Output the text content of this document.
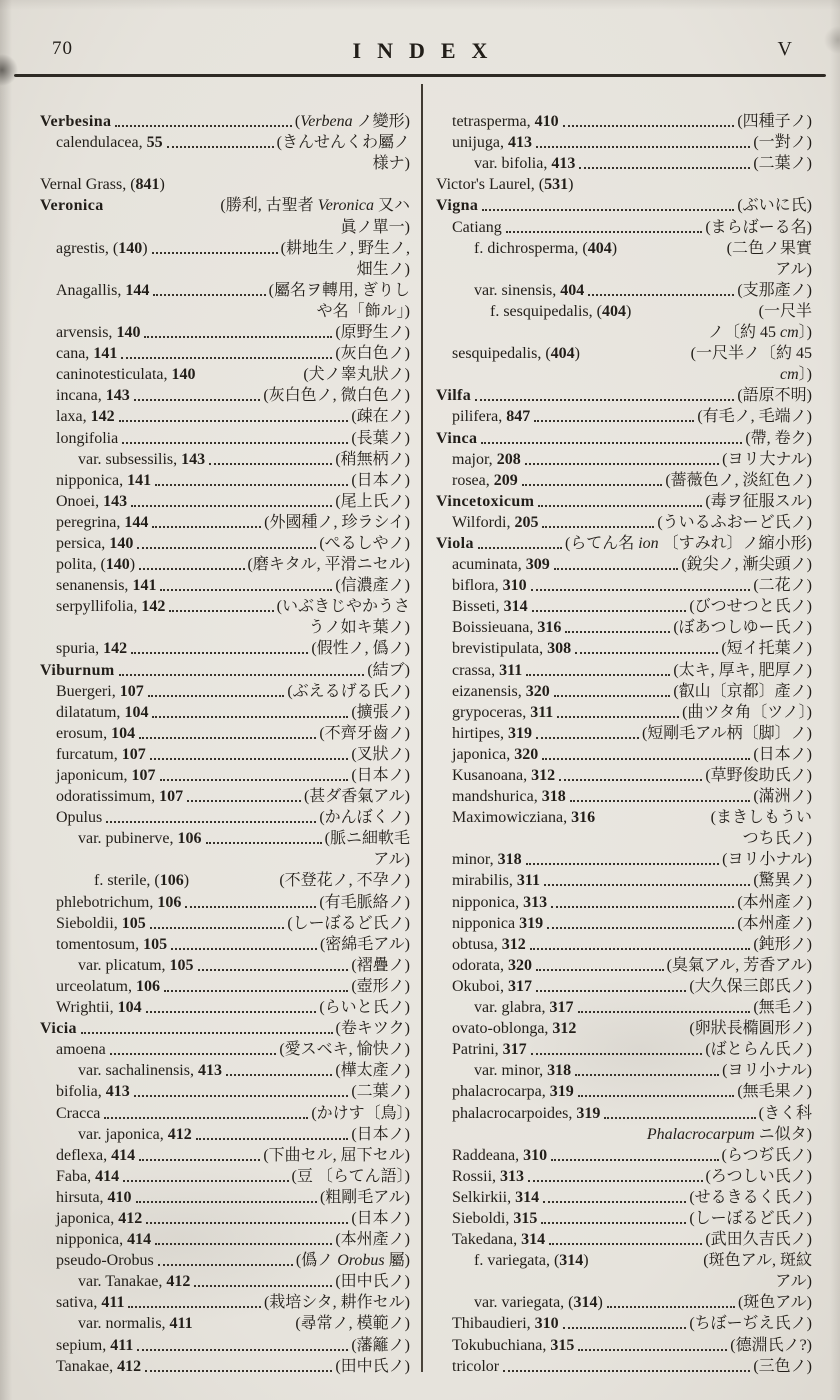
70	INDEX	V
Verbesina	(Verbena ノ變形)
calendulacea, 55	(きんせんくわ屬ノ
様ナ)
Vernal Grass, (841)
Veronica	(勝利, 古聖者 Veronica 又ハ
眞ノ單一)
agrestis, (140)	(耕地生ノ, 野生ノ,
畑生ノ)
Anagallis, 144	(屬名ヲ轉用, ぎりし
や名「飾ル」)
arvensis, 140	(原野生ノ)
cana, 141	(灰白色ノ)
caninotesticulata, 140	(犬ノ睾丸狀ノ)
incana, 143	(灰白色ノ, 微白色ノ)
laxa, 142	(疎在ノ)
longifolia	(長葉ノ)
var. subsessilis, 143	(稍無柄ノ)
nipponica, 141	(日本ノ)
Onoei, 143	(尾上氏ノ)
peregrina, 144	(外國種ノ, 珍ラシイ)
persica, 140	(ぺるしやノ)
polita, (140)	(磨キタル, 平滑ニセル)
senanensis, 141	(信濃產ノ)
serpyllifolia, 142	(いぶきじやかうさ
うノ如キ葉ノ)
spuria, 142	(假性ノ, 僞ノ)
Viburnum	(結ブ)
Buergeri, 107	(ぶえるげる氏ノ)
dilatatum, 104	(擴張ノ)
erosum, 104	(不齊牙齒ノ)
furcatum, 107	(叉狀ノ)
japonicum, 107	(日本ノ)
odoratissimum, 107	(甚ダ香氣アル)
Opulus	(かんぼくノ)
var. pubinerve, 106	(脈ニ細軟毛
アル)
f. sterile, (106)	(不登花ノ, 不孕ノ)
phlebotrichum, 106	(有毛脈絡ノ)
Sieboldii, 105	(しーぼるど氏ノ)
tomentosum, 105	(密綿毛アル)
var. plicatum, 105	(褶疊ノ)
urceolatum, 106	(壺形ノ)
Wrightii, 104	(らいと氏ノ)
Vicia	(卷キツク)
amoena	(愛スベキ, 愉快ノ)
var. sachalinensis, 413	(樺太產ノ)
bifolia, 413	(二葉ノ)
Cracca	(かけす〔鳥〕)
var. japonica, 412	(日本ノ)
deflexa, 414	(下曲セル, 屈下セル)
Faba, 414	(豆 〔らてん語〕)
hirsuta, 410	(粗剛毛アル)
japonica, 412	(日本ノ)
nipponica, 414	(本州產ノ)
pseudo-Orobus	(僞ノ Orobus 屬)
var. Tanakae, 412	(田中氏ノ)
sativa, 411	(栽培シタ, 耕作セル)
var. normalis, 411	(尋常ノ, 模範ノ)
sepium, 411	(藩籬ノ)
Tanakae, 412	(田中氏ノ)
tetrasperma, 410	(四種子ノ)
unijuga, 413	(一對ノ)
var. bifolia, 413	(二葉ノ)
Victor's Laurel, (531)
Vigna	(ぶいに氏)
Catiang	(まらばーる名)
f. dichrosperma, (404)	(二色ノ果實
アル)
var. sinensis, 404	(支那產ノ)
f. sesquipedalis, (404)	(一尺半
ノ〔約 45 cm〕)
sesquipedalis, (404)	(一尺半ノ〔約 45
cm〕)
Vilfa	(語原不明)
pilifera, 847	(有毛ノ, 毛端ノ)
Vinca	(帶, 卷ク)
major, 208	(ヨリ大ナル)
rosea, 209	(薔薇色ノ, 淡紅色ノ)
Vincetoxicum	(毒ヲ征服スル)
Wilfordi, 205	(ういるふおーど氏ノ)
Viola	(らてん名 ion 〔すみれ〕ノ縮小形)
acuminata, 309	(銳尖ノ, 漸尖頭ノ)
biflora, 310	(二花ノ)
Bisseti, 314	(びつせつと氏ノ)
Boissieuana, 316	(ぼあつしゆー氏ノ)
brevistipulata, 308	(短イ托葉ノ)
crassa, 311	(太キ, 厚キ, 肥厚ノ)
eizanensis, 320	(叡山〔京都〕產ノ)
grypoceras, 311	(曲ツタ角〔ツノ〕)
hirtipes, 319	(短剛毛アル柄〔脚〕ノ)
japonica, 320	(日本ノ)
Kusanoana, 312	(草野俊助氏ノ)
mandshurica, 318	(滿洲ノ)
Maximowicziana, 316	(まきしもうい
つち氏ノ)
minor, 318	(ヨリ小ナル)
mirabilis, 311	(驚異ノ)
nipponica, 313	(本州產ノ)
nipponica 319	(本州產ノ)
obtusa, 312	(鈍形ノ)
odorata, 320	(臭氣アル, 芳香アル)
Okuboi, 317	(大久保三郎氏ノ)
var. glabra, 317	(無毛ノ)
ovato-oblonga, 312	(卵狀長橢圓形ノ)
Patrini, 317	(ばとらん氏ノ)
var. minor, 318	(ヨリ小ナル)
phalacrocarpa, 319	(無毛果ノ)
phalacrocarpoides, 319	(きく科
Phalacrocarpum ニ似タ)
Raddeana, 310	(らつぢ氏ノ)
Rossii, 313	(ろつしい氏ノ)
Selkirkii, 314	(せるきるく氏ノ)
Sieboldi, 315	(しーぼるど氏ノ)
Takedana, 314	(武田久吉氏ノ)
f. variegata, (314)	(斑色アル, 斑紋
アル)
var. variegata, (314)	(斑色アル)
Thibaudieri, 310	(ちぼーぢえ氏ノ)
Tokubuchiana, 315	(德淵氏ノ?)
tricolor	(三色ノ)
